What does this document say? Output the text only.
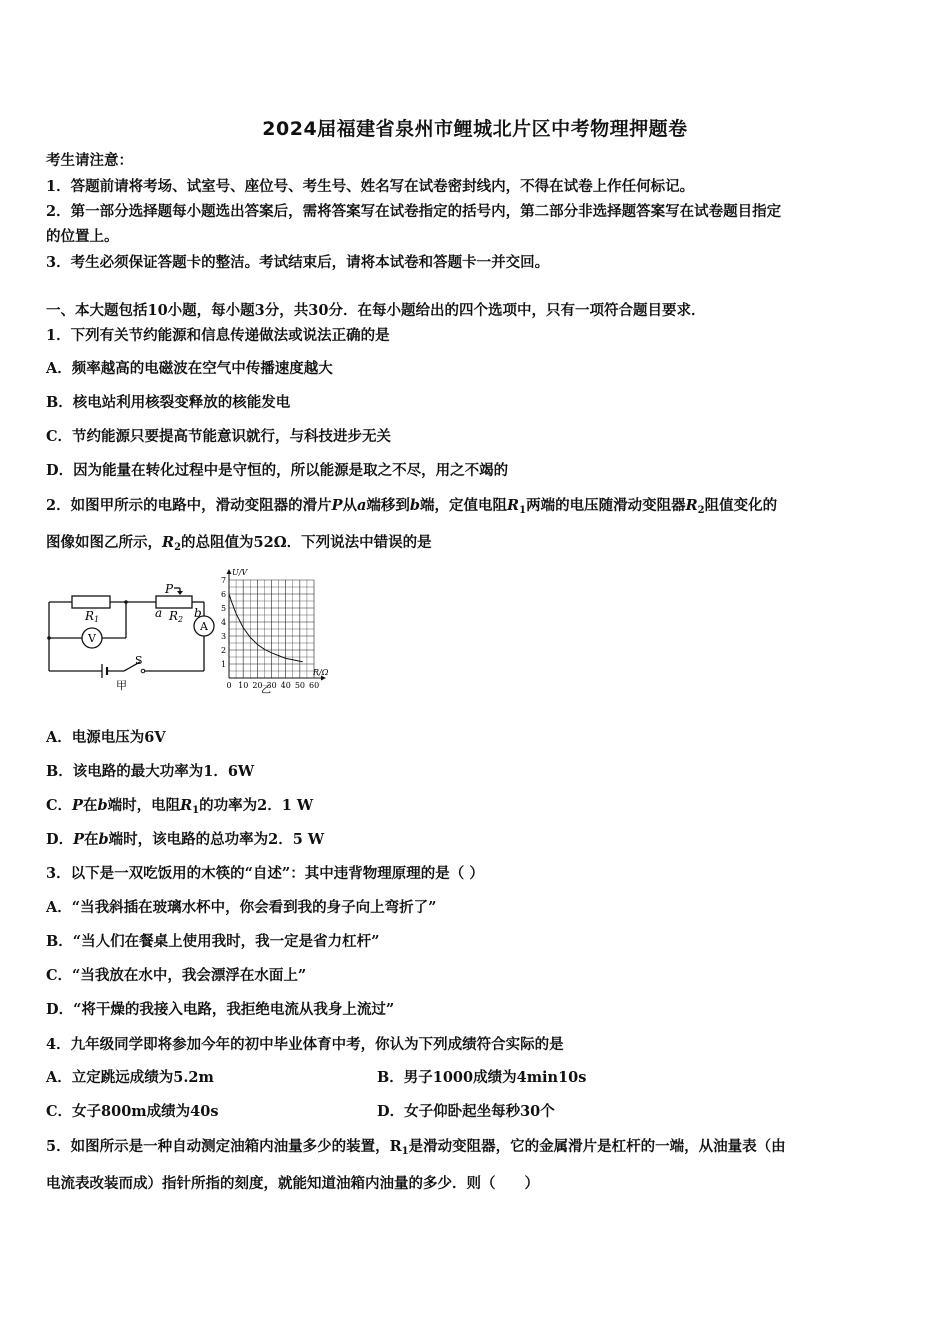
2024届福建省泉州市鲤城北片区中考物理押题卷
考生请注意：
1．答题前请将考场、试室号、座位号、考生号、姓名写在试卷密封线内，不得在试卷上作任何标记。
2．第一部分选择题每小题选出答案后，需将答案写在试卷指定的括号内，第二部分非选择题答案写在试卷题目指定
的位置上。
3．考生必须保证答题卡的整洁。考试结束后，请将本试卷和答题卡一并交回。
一、本大题包括10小题，每小题3分，共30分．在每小题给出的四个选项中，只有一项符合题目要求．
1．下列有关节约能源和信息传递做法或说法正确的是
A．频率越高的电磁波在空气中传播速度越大
B．核电站利用核裂变释放的核能发电
C．节约能源只要提高节能意识就行，与科技进步无关
D．因为能量在转化过程中是守恒的，所以能源是取之不尽，用之不竭的
2．如图甲所示的电路中，滑动变阻器的滑片P从a端移到b端，定值电阻$R_1$两端的电压随滑动变阻器$R_2$阻值变化的
图像如图乙所示，$R_2$的总阻值为52Ω．下列说法中错误的是
R1	R2
P
a	b
V
A
S
甲
1
2
3
4
5
6
7
0 10 20 30 40 50 60
U/V
R/Ω
乙
A．电源电压为6V
B．该电路的最大功率为1．6W
C．P在b端时，电阻$R_1$的功率为2．1 W
D．P在b端时，该电路的总功率为2．5 W
3．以下是一双吃饭用的木筷的“自述”：其中违背物理原理的是（ ）
A．“当我斜插在玻璃水杯中，你会看到我的身子向上弯折了”
B．“当人们在餐桌上使用我时，我一定是省力杠杆”
C．“当我放在水中，我会漂浮在水面上”
D．“将干燥的我接入电路，我拒绝电流从我身上流过”
4．九年级同学即将参加今年的初中毕业体育中考，你认为下列成绩符合实际的是
A．立定跳远成绩为5.2m	B．男子1000成绩为4min10s
C．女子800m成绩为40s	D．女子仰卧起坐每秒30个
5．如图所示是一种自动测定油箱内油量多少的装置，$R_1$是滑动变阻器，它的金属滑片是杠杆的一端，从油量表（由
电流表改装而成）指针所指的刻度，就能知道油箱内油量的多少．则（　　）
